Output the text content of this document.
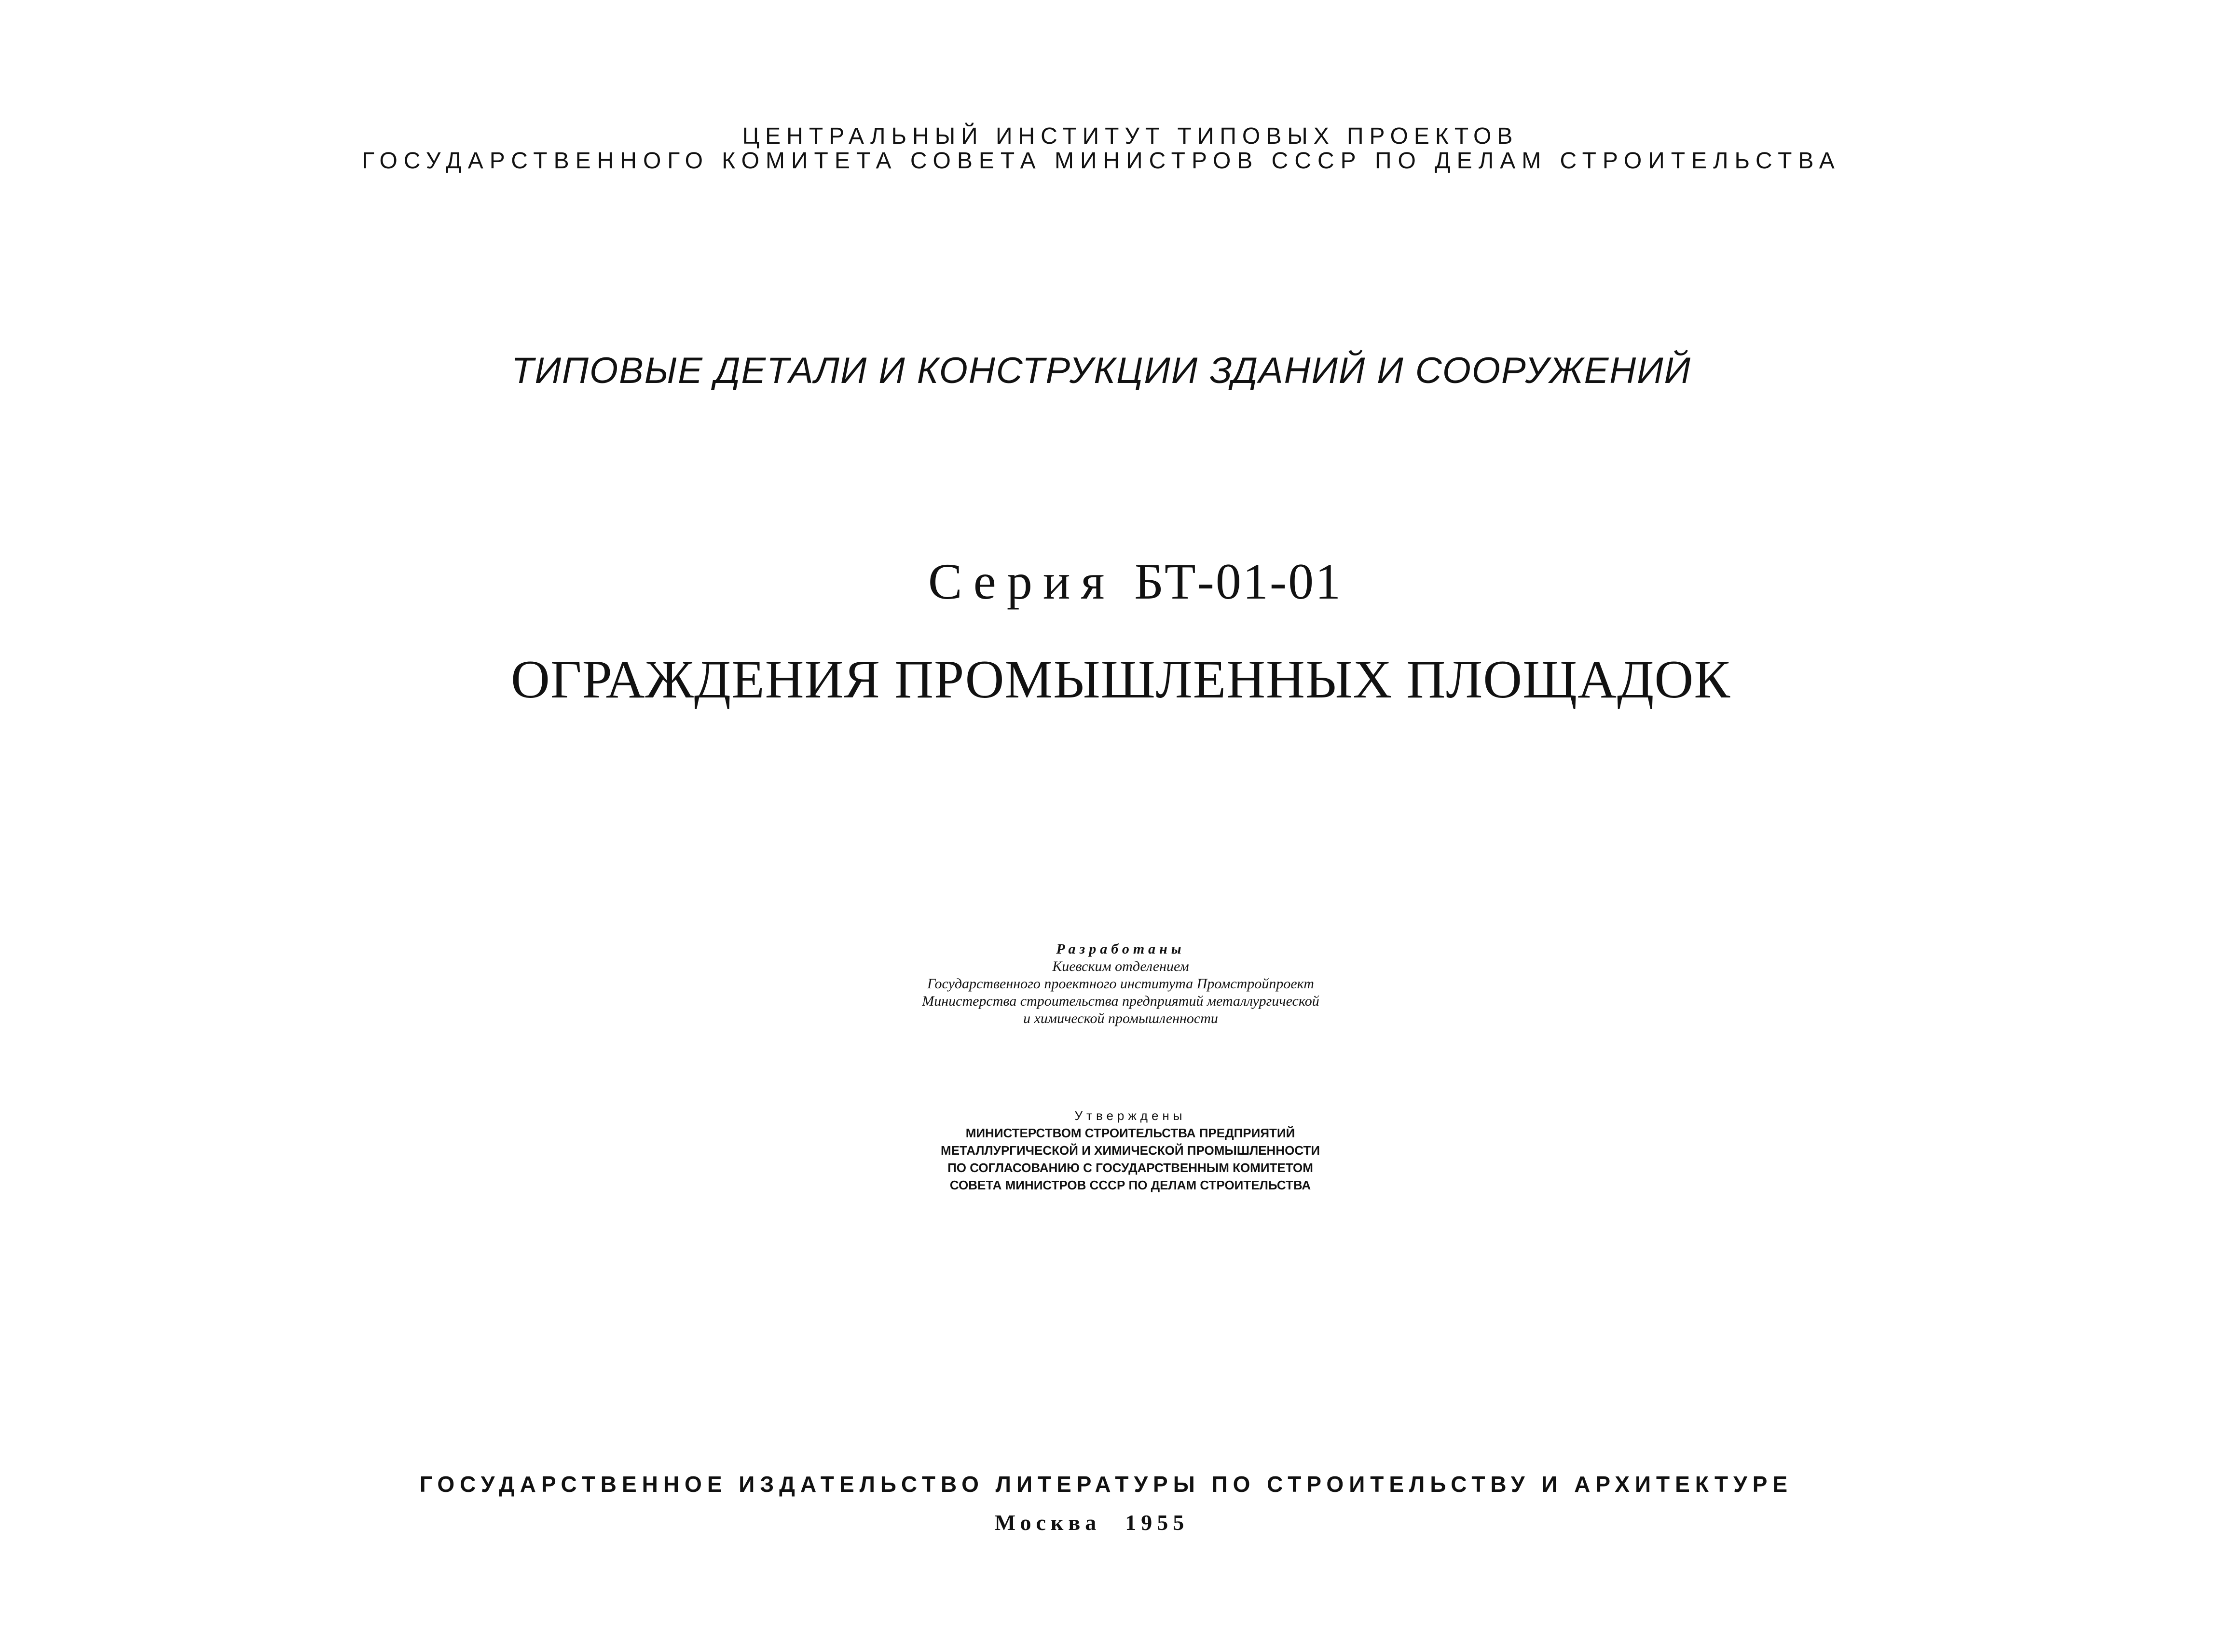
ЦЕНТРАЛЬНЫЙ ИНСТИТУТ ТИПОВЫХ ПРОЕКТОВ
ГОСУДАРСТВЕННОГО КОМИТЕТА СОВЕТА МИНИСТРОВ СССР ПО ДЕЛАМ СТРОИТЕЛЬСТВА
ТИПОВЫЕ ДЕТАЛИ И КОНСТРУКЦИИ ЗДАНИЙ И СООРУЖЕНИЙ
Серия БТ-01-01
ОГРАЖДЕНИЯ ПРОМЫШЛЕННЫХ ПЛОЩАДОК
Разработаны
Киевским отделением
Государственного проектного института Промстройпроект
Министерства строительства предприятий металлургической
и химической промышленности
Утверждены
МИНИСТЕРСТВОМ СТРОИТЕЛЬСТВА ПРЕДПРИЯТИЙ
МЕТАЛЛУРГИЧЕСКОЙ И ХИМИЧЕСКОЙ ПРОМЫШЛЕННОСТИ
ПО СОГЛАСОВАНИЮ С ГОСУДАРСТВЕННЫМ КОМИТЕТОМ
СОВЕТА МИНИСТРОВ СССР ПО ДЕЛАМ СТРОИТЕЛЬСТВА
ГОСУДАРСТВЕННОЕ ИЗДАТЕЛЬСТВО ЛИТЕРАТУРЫ ПО СТРОИТЕЛЬСТВУ И АРХИТЕКТУРЕ
Москва 1955
